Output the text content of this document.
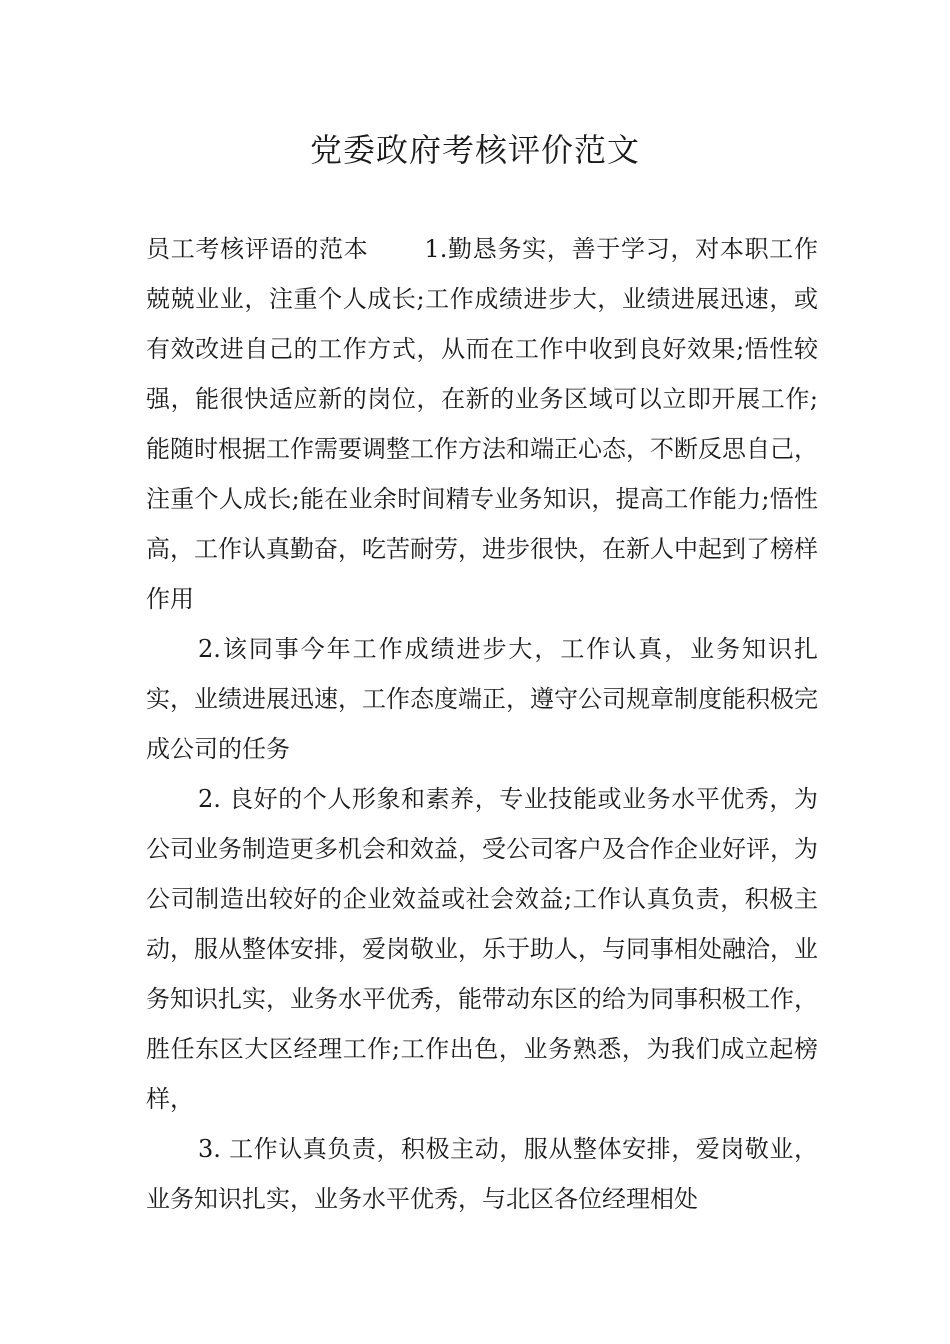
党委政府考核评价范文

员工考核评语的范本 1.勤恳务实，善于学习，对本职工作兢兢业业，注重个人成长;工作成绩进步大，业绩进展迅速，或有效改进自己的工作方式，从而在工作中收到良好效果;悟性较强，能很快适应新的岗位，在新的业务区域可以立即开展工作;能随时根据工作需要调整工作方法和端正心态，不断反思自己，注重个人成长;能在业余时间精专业务知识，提高工作能力;悟性高，工作认真勤奋，吃苦耐劳，进步很快，在新人中起到了榜样作用

2.该同事今年工作成绩进步大，工作认真，业务知识扎实，业绩进展迅速，工作态度端正，遵守公司规章制度能积极完成公司的任务

2. 良好的个人形象和素养，专业技能或业务水平优秀，为公司业务制造更多机会和效益，受公司客户及合作企业好评，为公司制造出较好的企业效益或社会效益;工作认真负责，积极主动，服从整体安排，爱岗敬业，乐于助人，与同事相处融洽，业务知识扎实，业务水平优秀，能带动东区的给为同事积极工作，胜任东区大区经理工作;工作出色，业务熟悉，为我们成立起榜样，

3. 工作认真负责，积极主动，服从整体安排，爱岗敬业，业务知识扎实，业务水平优秀，与北区各位经理相处
